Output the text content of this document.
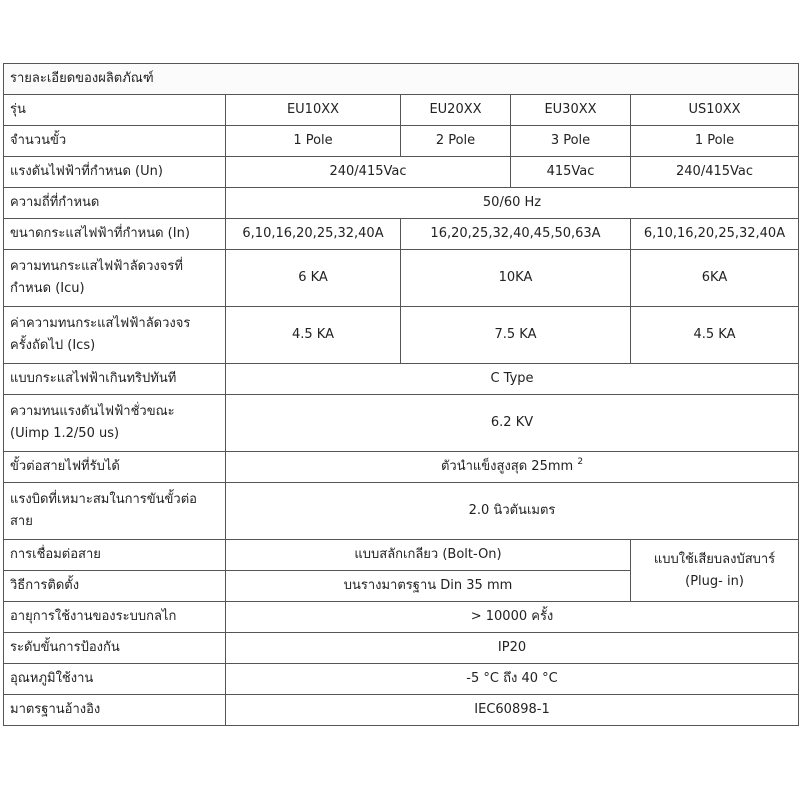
รายละเอียดของผลิตภัณฑ์				
รุ่น	EU10XX	EU20XX	EU30XX	US10XX
จำนวนขั้ว	1 Pole	2 Pole	3 Pole	1 Pole
แรงดันไฟฟ้าที่กำหนด (Un)	240/415Vac		415Vac	240/415Vac
ความถี่ที่กำหนด	50/60 Hz			
ขนาดกระแสไฟฟ้าที่กำหนด (In)	6,10,16,20,25,32,40A	16,20,25,32,40,45,50,63A		6,10,16,20,25,32,40A

ความทนกระแสไฟฟ้าลัดวงจรที่
กำหนด (Icu)	6 KA	10KA		6KA

ค่าความทนกระแสไฟฟ้าลัดวงจร
ครั้งถัดไป (Ics)	4.5 KA	7.5 KA		4.5 KA
แบบกระแสไฟฟ้าเกินทริปทันที	C Type			

ความทนแรงดันไฟฟ้าชั่วขณะ
(Uimp 1.2/50 us)	6.2 KV			
ขั้วต่อสายไฟที่รับได้	ตัวนำแข็งสูงสุด 25mm $^2$

แรงบิดที่เหมาะสมในการขันขั้วต่อ
สาย	2.0 นิวตันเมตร			
การเชื่อมต่อสาย	แบบสลักเกลียว (Bolt-On)			แบบใช้เสียบลงบัสบาร์
(Plug- in)

วิธีการติดตั้ง	บนรางมาตรฐาน Din 35 mm			
อายุการใช้งานของระบบกลไก	> 10000 ครั้ง			
ระดับขั้นการป้องกัน	IP20			
อุณหภูมิใช้งาน	-5 °C ถึง 40 °C			
มาตรฐานอ้างอิง	IEC60898-1			
